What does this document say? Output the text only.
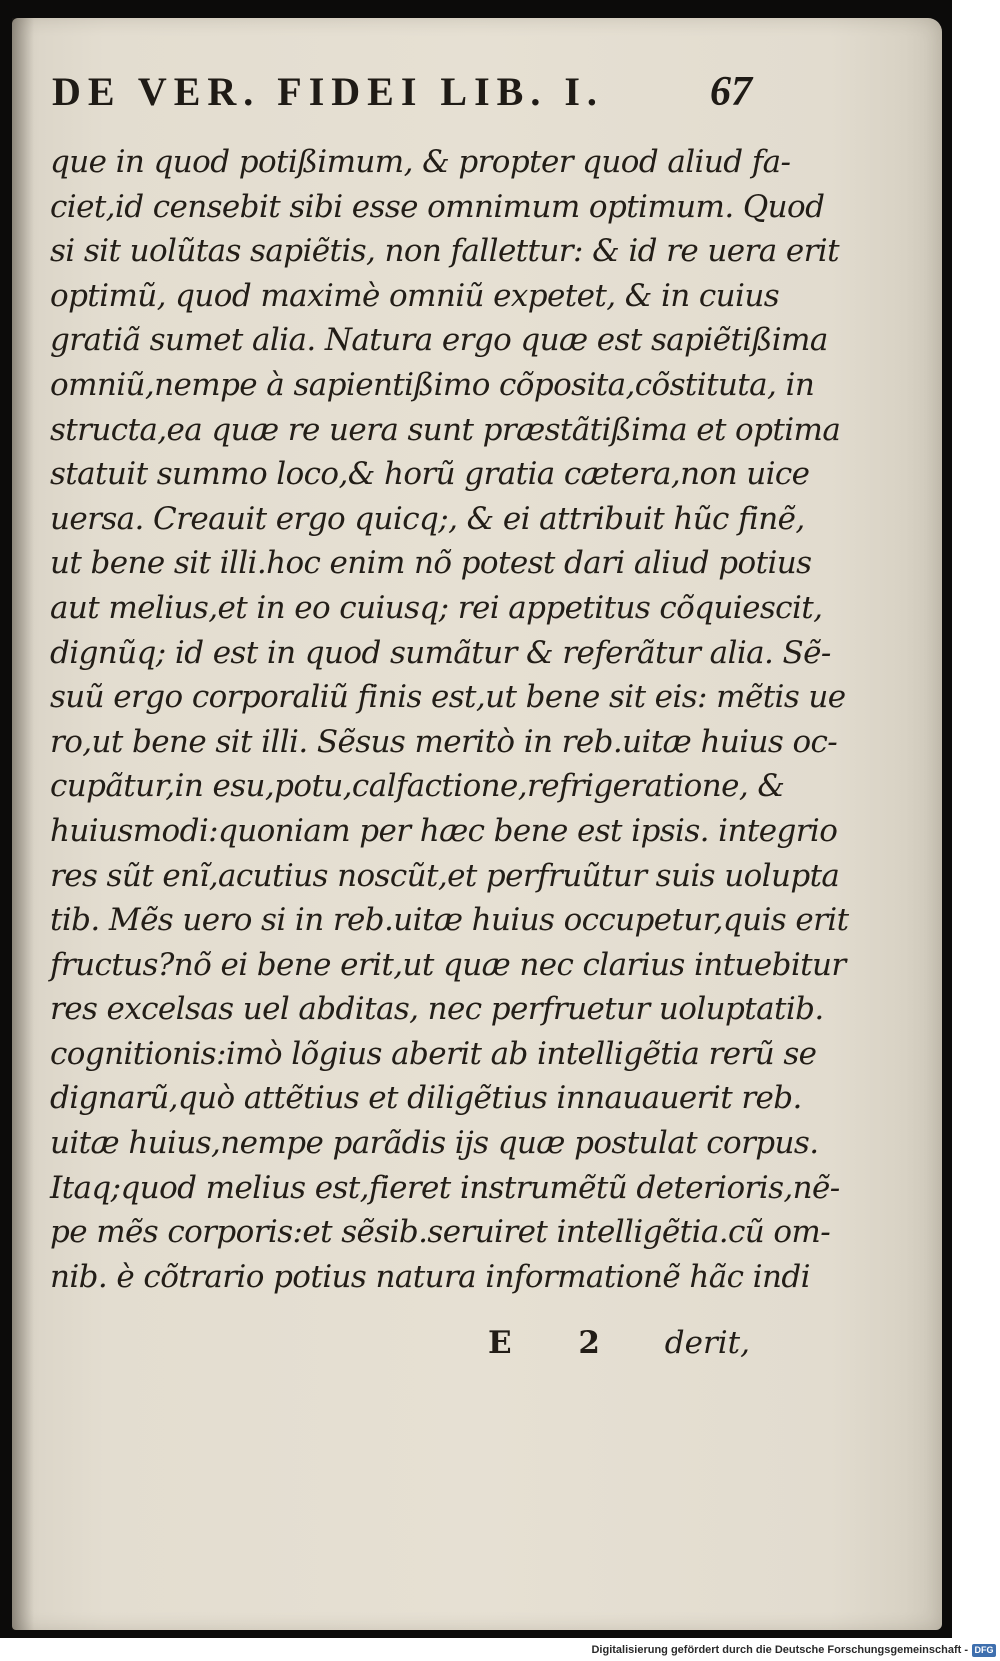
DE VER. FIDEI LIB. I.	67
que in quod potißimum, & propter quod aliud fa-
ciet,id censebit sibi esse omnimum optimum. Quod
si sit uolũtas sapiẽtis, non fallettur: & id re uera erit
optimũ, quod maximè omniũ expetet, & in cuius
gratiã sumet alia. Natura ergo quæ est sapiẽtißima
omniũ,nempe à sapientißimo cõposita,cõstituta, in
structa,ea quæ re uera sunt præstãtißima et optima
statuit summo loco,& horũ gratia cætera,non uice
uersa. Creauit ergo quicq;, & ei attribuit hũc finẽ,
ut bene sit illi.hoc enim nõ potest dari aliud potius
aut melius,et in eo cuiusq; rei appetitus cõquiescit,
dignũq; id est in quod sumãtur & referãtur alia. Sẽ-
suũ ergo corporaliũ finis est,ut bene sit eis: mẽtis ue
ro,ut bene sit illi. Sẽsus meritò in reb.uitæ huius oc-
cupãtur,in esu,potu,calfactione,refrigeratione, &
huiusmodi:quoniam per hæc bene est ipsis. integrio
res sũt enĩ,acutius noscũt,et perfruũtur suis uolupta
tib. Mẽs uero si in reb.uitæ huius occupetur,quis erit
fructus?nõ ei bene erit,ut quæ nec clarius intuebitur
res excelsas uel abditas, nec perfruetur uoluptatib.
cognitionis:imò lõgius aberit ab intelligẽtia rerũ se
dignarũ,quò attẽtius et diligẽtius innauauerit reb.
uitæ huius,nempe parãdis ijs quæ postulat corpus.
Itaq;quod melius est,fieret instrumẽtũ deterioris,nẽ-
pe mẽs corporis:et sẽsib.seruiret intelligẽtia.cũ om-
nib. è cõtrario potius natura informationẽ hãc indi
E 2 derit,
Digitalisierung gefördert durch die Deutsche Forschungsgemeinschaft - DFG
